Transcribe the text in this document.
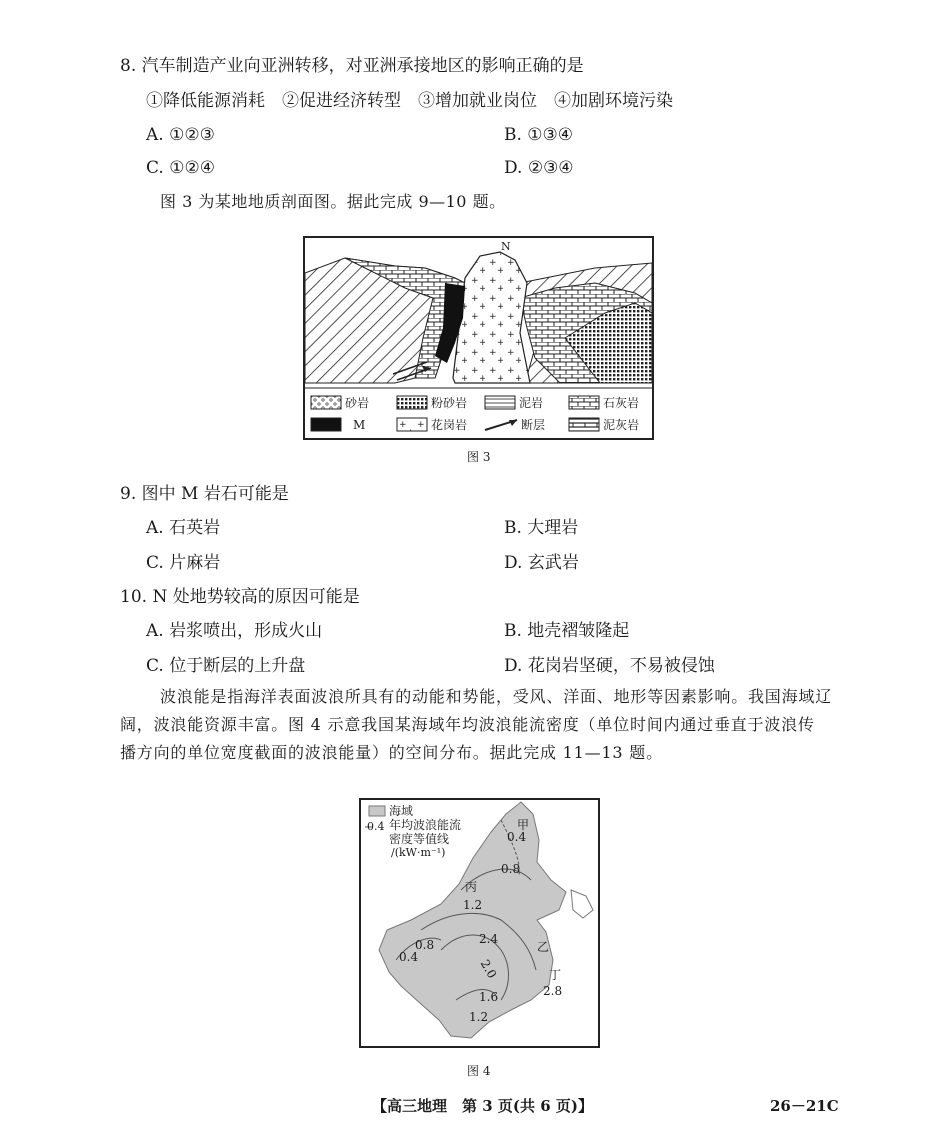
8. 汽车制造产业向亚洲转移，对亚洲承接地区的影响正确的是
①降低能源消耗　②促进经济转型　③增加就业岗位　④加剧环境污染
A. ①②③	B. ①③④
C. ①②④	D. ②③④
图 3 为某地地质剖面图。据此完成 9—10 题。
N
砂岩	粉砂岩	泥岩	石灰岩
M	花岗岩	断层	泥灰岩
图 3
9. 图中 M 岩石可能是
A. 石英岩	B. 大理岩
C. 片麻岩	D. 玄武岩
10. N 处地势较高的原因可能是
A. 岩浆喷出，形成火山	B. 地壳褶皱隆起
C. 位于断层的上升盘	D. 花岗岩坚硬，不易被侵蚀
波浪能是指海洋表面波浪所具有的动能和势能，受风、洋面、地形等因素影响。我国海域辽
阔，波浪能资源丰富。图 4 示意我国某海域年均波浪能流密度（单位时间内通过垂直于波浪传
播方向的单位宽度截面的波浪能量）的空间分布。据此完成 11—13 题。
海域
年均波浪能流
密度等值线
/(kW·m⁻¹)
0.4	甲
0.4
0.8
丙
1.2
0.8
0.4
2.4
乙
2.0	丁
2.8
1.6
1.2
图 4
【高三地理　第 3 页(共 6 页)】	26－21C
